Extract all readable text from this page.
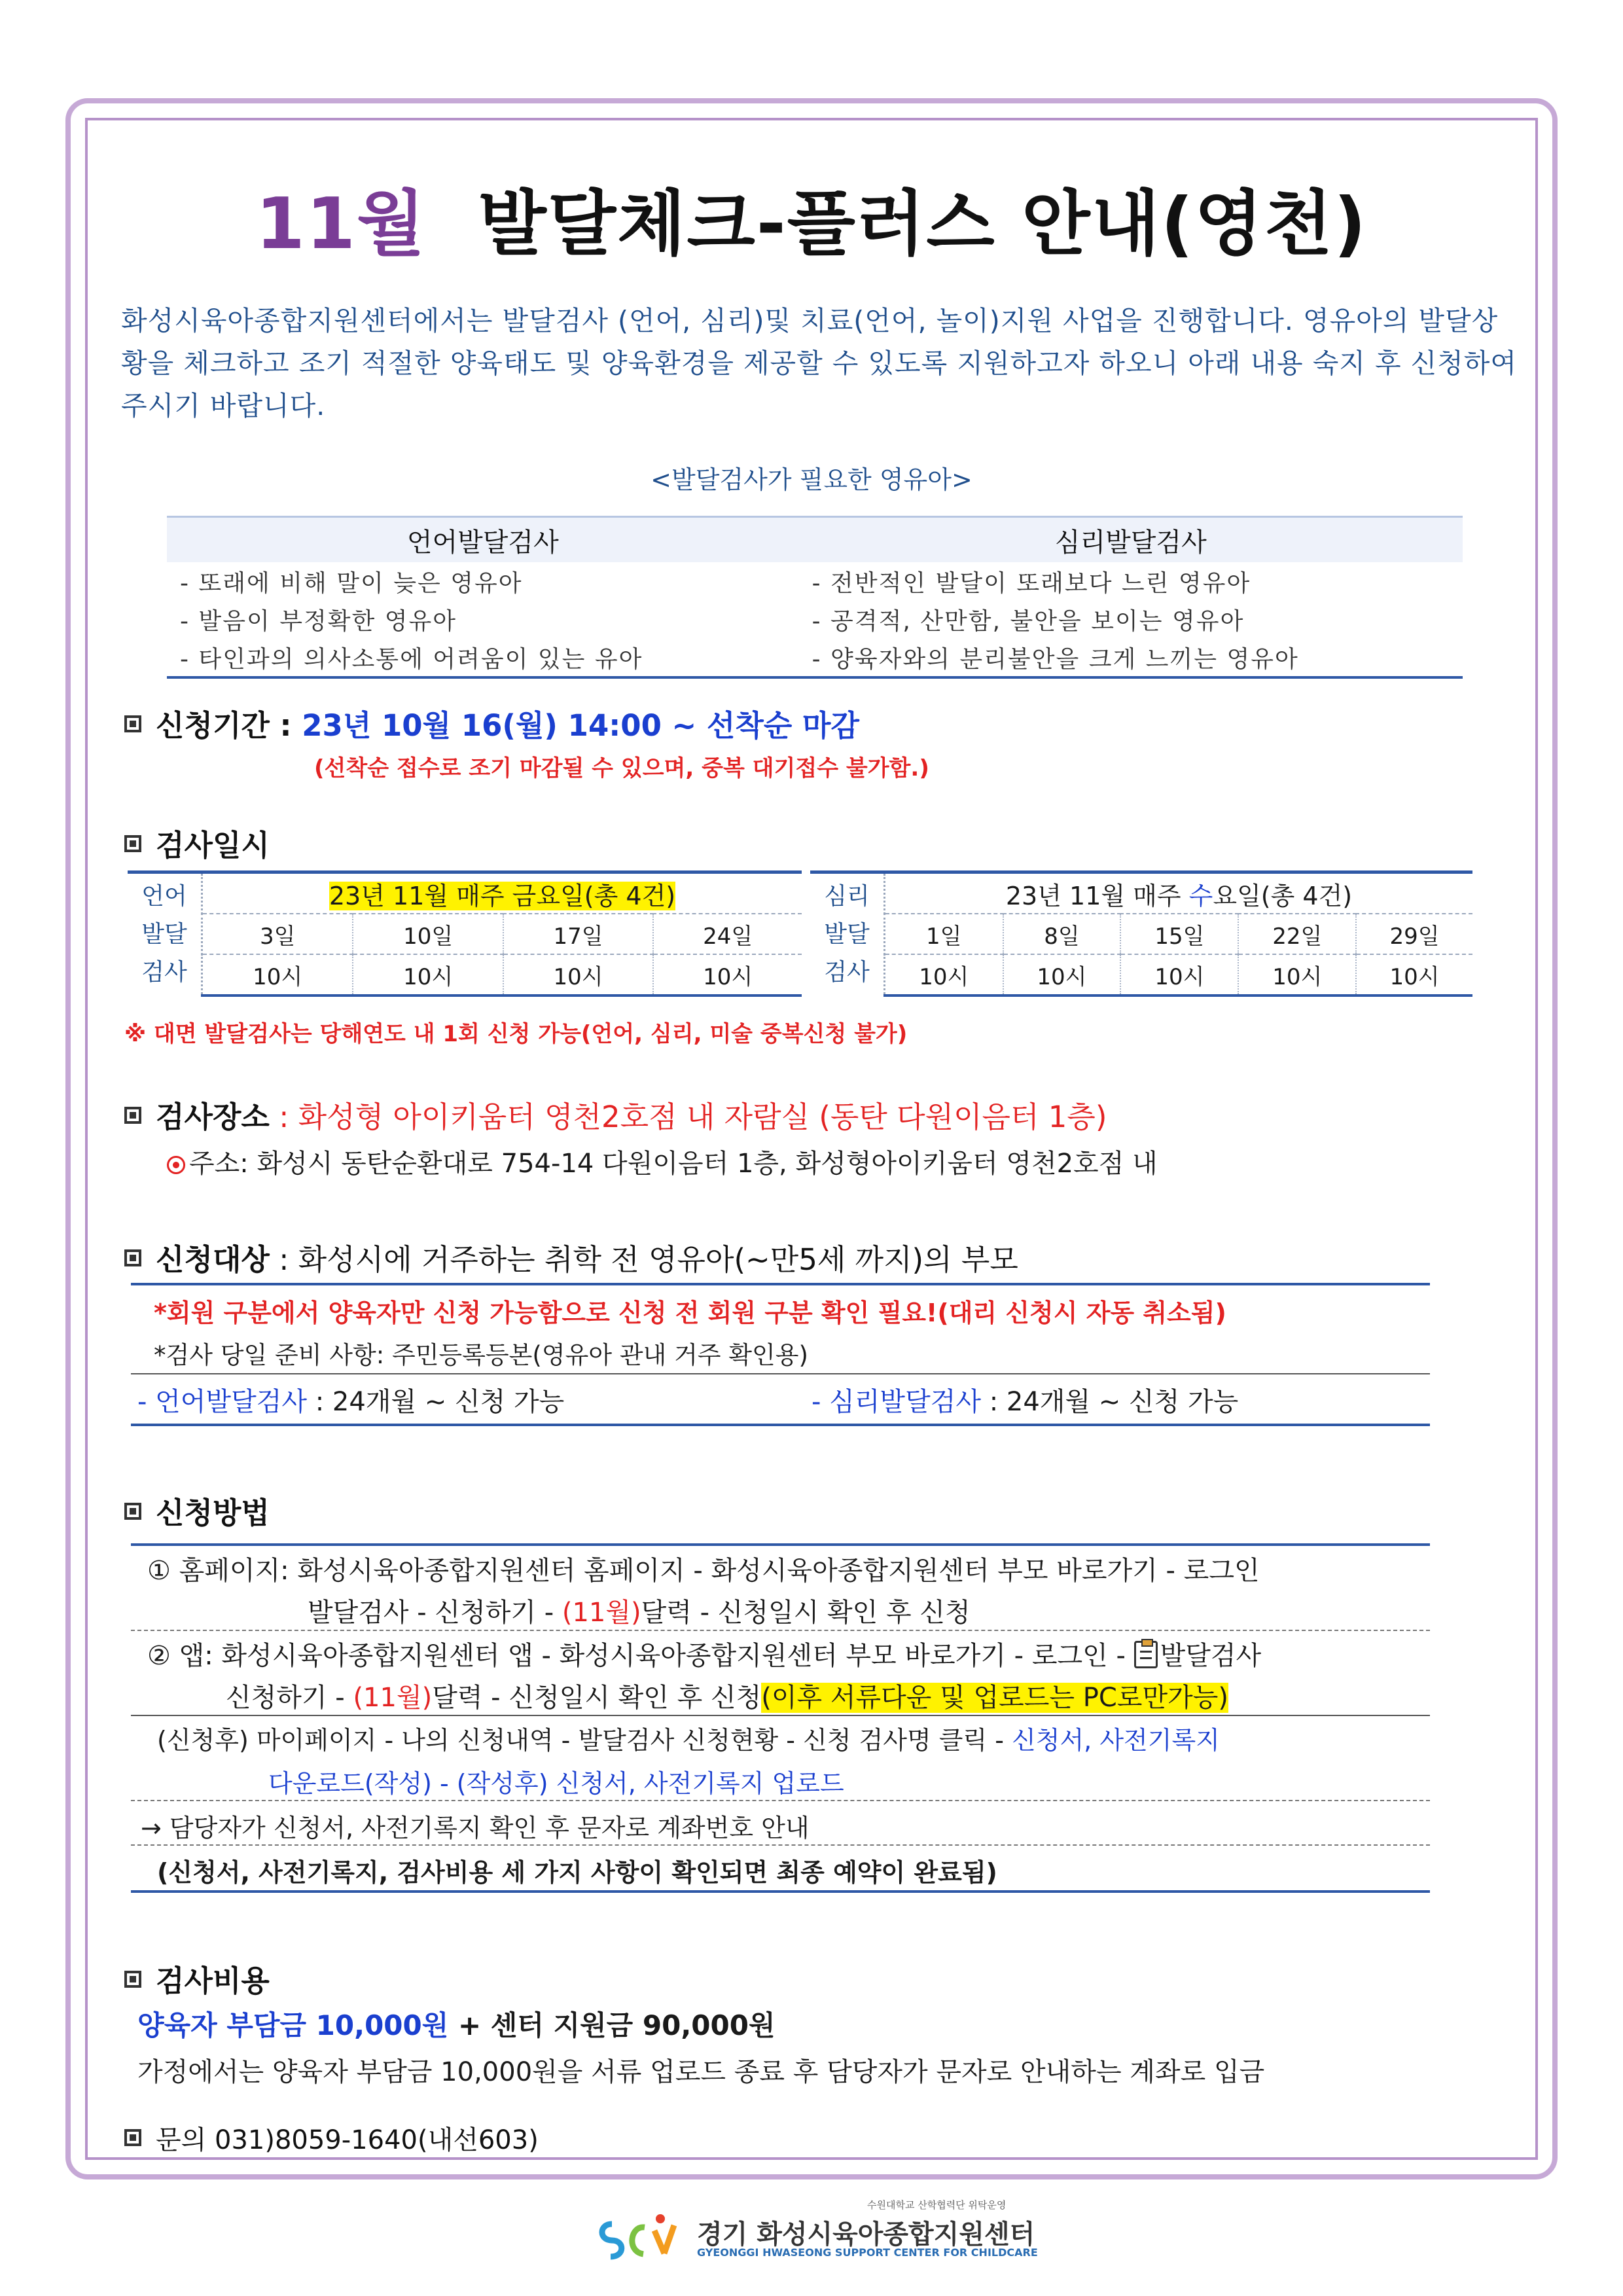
11월 발달체크-플러스 안내(영천)
화성시육아종합지원센터에서는 발달검사 (언어, 심리)및 치료(언어, 놀이)지원 사업을 진행합니다. 영유아의 발달상황을 체크하고 조기 적절한 양육태도 및 양육환경을 제공할 수 있도록 지원하고자 하오니 아래 내용 숙지 후 신청하여 주시기 바랍니다.
<발달검사가 필요한 영유아>
언어발달검사	심리발달검사
- 또래에 비해 말이 늦은 영유아	- 전반적인 발달이 또래보다 느린 영유아
- 발음이 부정확한 영유아	- 공격적, 산만함, 불안을 보이는 영유아
- 타인과의 의사소통에 어려움이 있는 유아	- 양육자와의 분리불안을 크게 느끼는 영유아
신청기간 : 23년 10월 16(월) 14:00 ~ 선착순 마감
(선착순 접수로 조기 마감될 수 있으며, 중복 대기접수 불가함.)
검사일시
언어
발달
검사	23년 11월 매주 금요일(총 4건)			
	3일	10일	17일	24일
	10시	10시	10시	10시
심리
발달
검사	23년 11월 매주 수요일(총 4건)				
	1일	8일	15일	22일	29일
	10시	10시	10시	10시	10시
※ 대면 발달검사는 당해연도 내 1회 신청 가능(언어, 심리, 미술 중복신청 불가)
검사장소 : 화성형 아이키움터 영천2호점 내 자람실 (동탄 다원이음터 1층)
주소: 화성시 동탄순환대로 754-14 다원이음터 1층, 화성형아이키움터 영천2호점 내
신청대상 : 화성시에 거주하는 취학 전 영유아(~만5세 까지)의 부모
*회원 구분에서 양육자만 신청 가능함으로 신청 전 회원 구분 확인 필요!(대리 신청시 자동 취소됨)
*검사 당일 준비 사항: 주민등록등본(영유아 관내 거주 확인용)
- 언어발달검사 : 24개월 ~ 신청 가능	- 심리발달검사 : 24개월 ~ 신청 가능
신청방법
① 홈페이지: 화성시육아종합지원센터 홈페이지 - 화성시육아종합지원센터 부모 바로가기 - 로그인
발달검사 - 신청하기 - (11월)달력 - 신청일시 확인 후 신청
② 앱: 화성시육아종합지원센터 앱 - 화성시육아종합지원센터 부모 바로가기 - 로그인 -
발달검사
신청하기 - (11월)달력 - 신청일시 확인 후 신청(이후 서류다운 및 업로드는 PC로만가능)
(신청후) 마이페이지 - 나의 신청내역 - 발달검사 신청현황 - 신청 검사명 클릭 - 신청서, 사전기록지
다운로드(작성) - (작성후) 신청서, 사전기록지 업로드
→ 담당자가 신청서, 사전기록지 확인 후 문자로 계좌번호 안내
(신청서, 사전기록지, 검사비용 세 가지 사항이 확인되면 최종 예약이 완료됨)
검사비용
양육자 부담금 10,000원 + 센터 지원금 90,000원
가정에서는 양육자 부담금 10,000원을 서류 업로드 종료 후 담당자가 문자로 안내하는 계좌로 입금
문의 031)8059-1640(내선603)
수원대학교 산학협력단 위탁운영
경기 화성시육아종합지원센터
GYEONGGI HWASEONG SUPPORT CENTER FOR CHILDCARE
